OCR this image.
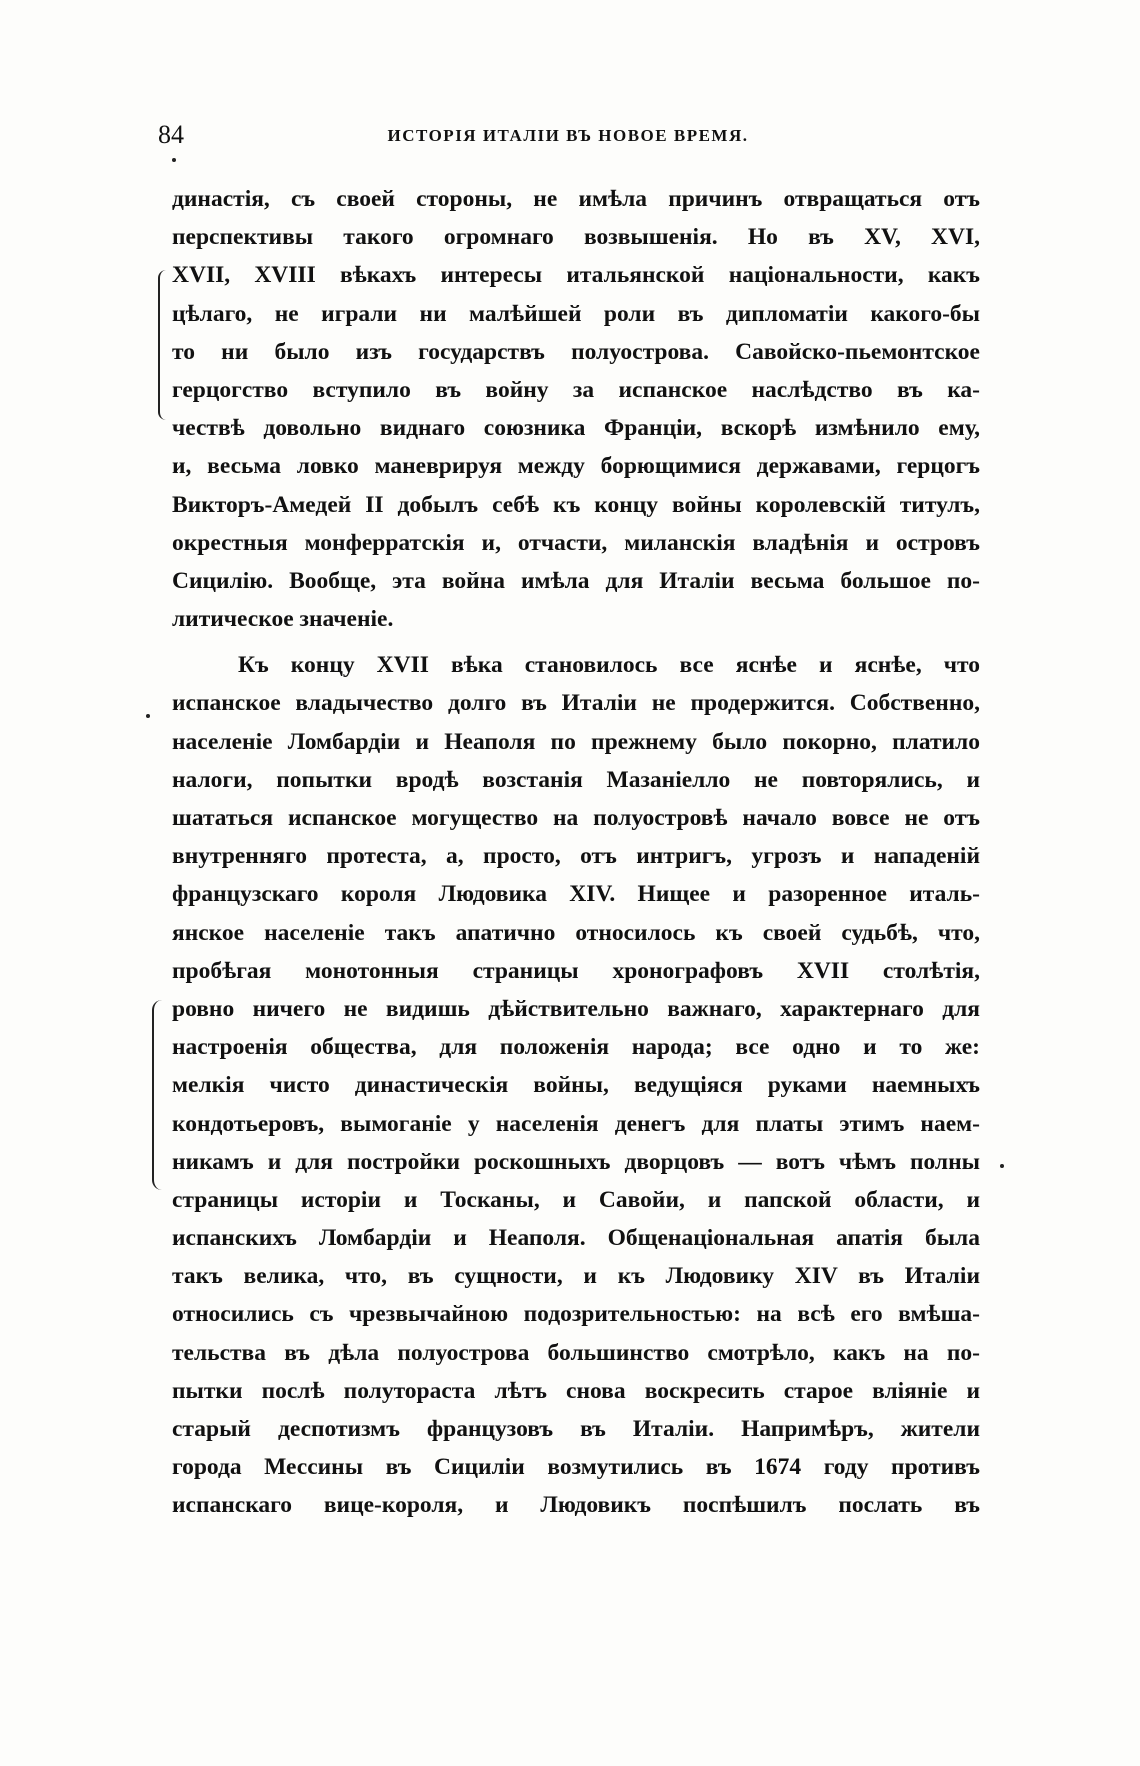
84	ИСТОРІЯ ИТАЛІИ ВЪ НОВОЕ ВРЕМЯ.
династія, съ своей стороны, не имѣла причинъ отвращаться отъ
перспективы такого огромнаго возвышенія. Но въ XV, XVI,
XVII, XVIII вѣкахъ интересы итальянской національности, какъ
цѣлаго, не играли ни малѣйшей роли въ дипломатіи какого-бы
то ни было изъ государствъ полуострова. Савойско-пьемонтское
герцогство вступило въ войну за испанское наслѣдство въ ка-
чествѣ довольно виднаго союзника Франціи, вскорѣ измѣнило ему,
и, весьма ловко маневрируя между борющимися державами, герцогъ
Викторъ-Амедей II добылъ себѣ къ концу войны королевскій титулъ,
окрестныя монферратскія и, отчасти, миланскія владѣнія и островъ
Сицилію. Вообще, эта война имѣла для Италіи весьма большое по-
литическое значеніе.
Къ концу XVII вѣка становилось все яснѣе и яснѣе, что
испанское владычество долго въ Италіи не продержится. Собственно,
населеніе Ломбардіи и Неаполя по прежнему было покорно, платило
налоги, попытки вродѣ возстанія Мазаніелло не повторялись, и
шататься испанское могущество на полуостровѣ начало вовсе не отъ
внутренняго протеста, а, просто, отъ интригъ, угрозъ и нападеній
французскаго короля Людовика XIV. Нищее и разоренное италь-
янское населеніе такъ апатично относилось къ своей судьбѣ, что,
пробѣгая монотонныя страницы хронографовъ XVII столѣтія,
ровно ничего не видишь дѣйствительно важнаго, характернаго для
настроенія общества, для положенія народа; все одно и то же:
мелкія чисто династическія войны, ведущіяся руками наемныхъ
кондотьеровъ, вымоганіе у населенія денегъ для платы этимъ наем-
никамъ и для постройки роскошныхъ дворцовъ — вотъ чѣмъ полны
страницы исторіи и Тосканы, и Савойи, и папской области, и
испанскихъ Ломбардіи и Неаполя. Общенаціональная апатія была
такъ велика, что, въ сущности, и къ Людовику XIV въ Италіи
относились съ чрезвычайною подозрительностью: на всѣ его вмѣша-
тельства въ дѣла полуострова большинство смотрѣло, какъ на по-
пытки послѣ полутораста лѣтъ снова воскресить старое вліяніе и
старый деспотизмъ французовъ въ Италіи. Напримѣръ, жители
города Мессины въ Сициліи возмутились въ 1674 году противъ
испанскаго вице-короля, и Людовикъ поспѣшилъ послать въ
